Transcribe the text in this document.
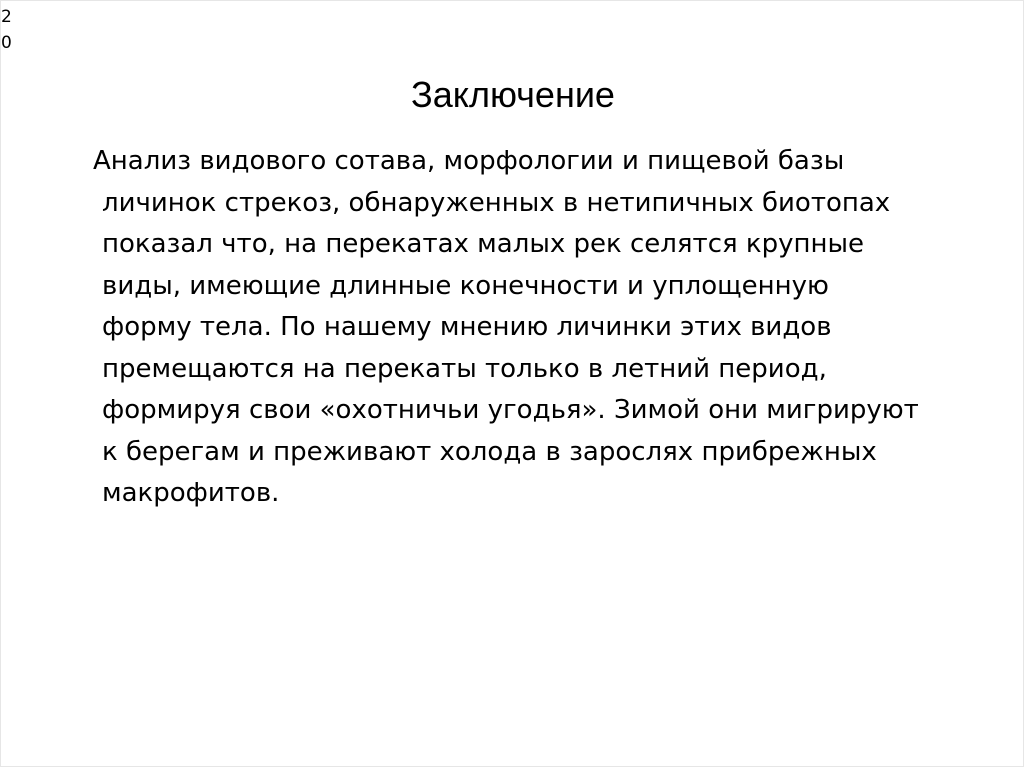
2
0
Заключение
Анализ видового сотава, морфологии и пищевой базы
личинок стрекоз, обнаруженных в нетипичных биотопах
показал что, на перекатах малых рек селятся крупные
виды, имеющие длинные конечности и уплощенную
форму тела. По нашему мнению личинки этих видов
премещаются на перекаты только в летний период,
формируя свои «охотничьи угодья». Зимой они мигрируют
к берегам и преживают холода в зарослях прибрежных
макрофитов.
